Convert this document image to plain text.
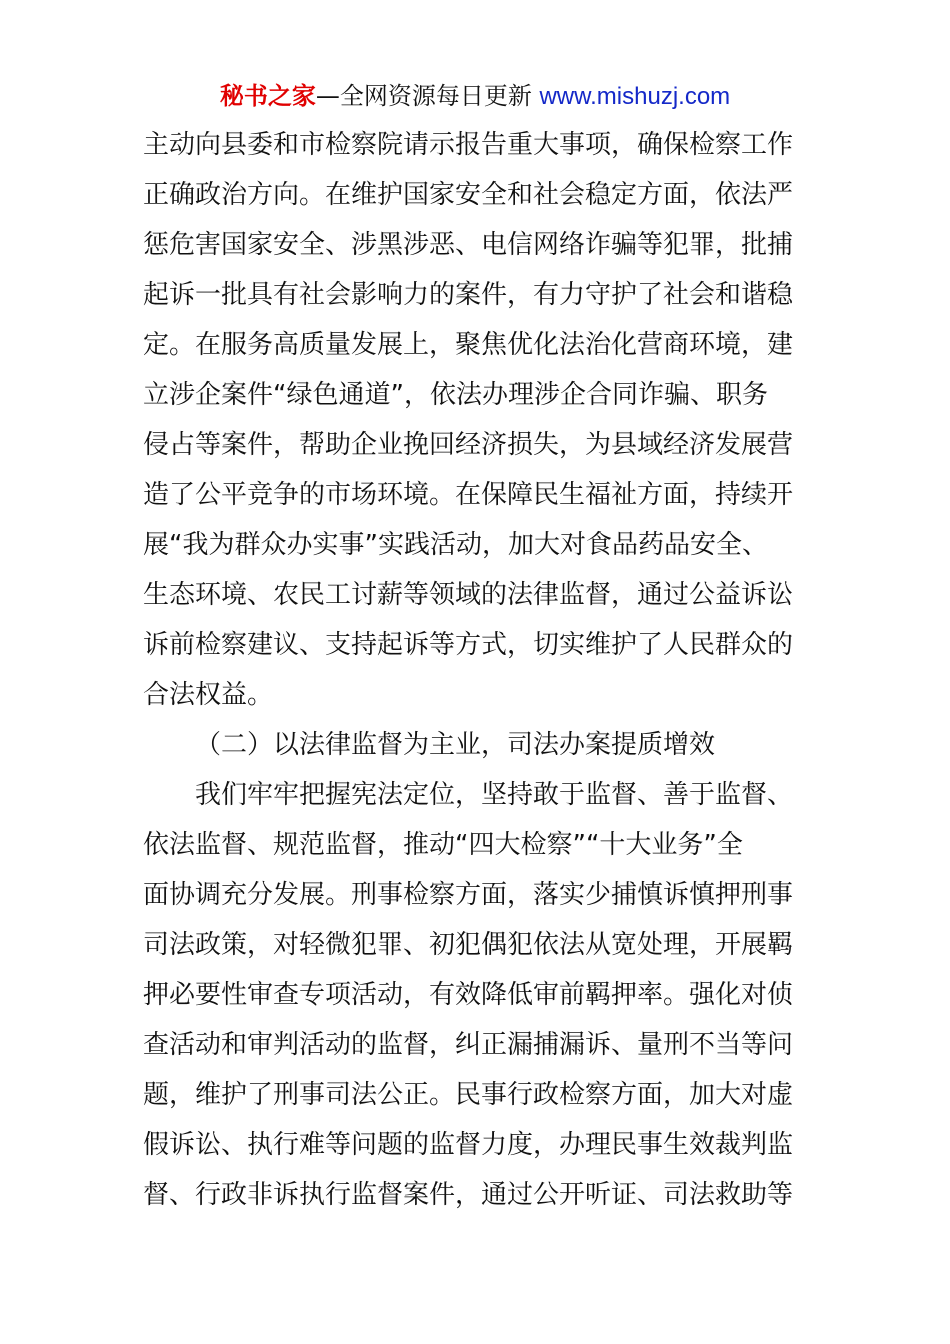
秘书之家—全网资源每日更新 www.mishuzj.com
主动向县委和市检察院请示报告重大事项，确保检察工作
正确政治方向。在维护国家安全和社会稳定方面，依法严
惩危害国家安全、涉黑涉恶、电信网络诈骗等犯罪，批捕
起诉一批具有社会影响力的案件，有力守护了社会和谐稳
定。在服务高质量发展上，聚焦优化法治化营商环境，建
立涉企案件“绿色通道”，依法办理涉企合同诈骗、职务
侵占等案件，帮助企业挽回经济损失，为县域经济发展营
造了公平竞争的市场环境。在保障民生福祉方面，持续开
展“我为群众办实事”实践活动，加大对食品药品安全、
生态环境、农民工讨薪等领域的法律监督，通过公益诉讼
诉前检察建议、支持起诉等方式，切实维护了人民群众的
合法权益。
（二）以法律监督为主业，司法办案提质增效
我们牢牢把握宪法定位，坚持敢于监督、善于监督、
依法监督、规范监督，推动“四大检察”“十大业务”全
面协调充分发展。刑事检察方面，落实少捕慎诉慎押刑事
司法政策，对轻微犯罪、初犯偶犯依法从宽处理，开展羁
押必要性审查专项活动，有效降低审前羁押率。强化对侦
查活动和审判活动的监督，纠正漏捕漏诉、量刑不当等问
题，维护了刑事司法公正。民事行政检察方面，加大对虚
假诉讼、执行难等问题的监督力度，办理民事生效裁判监
督、行政非诉执行监督案件，通过公开听证、司法救助等
